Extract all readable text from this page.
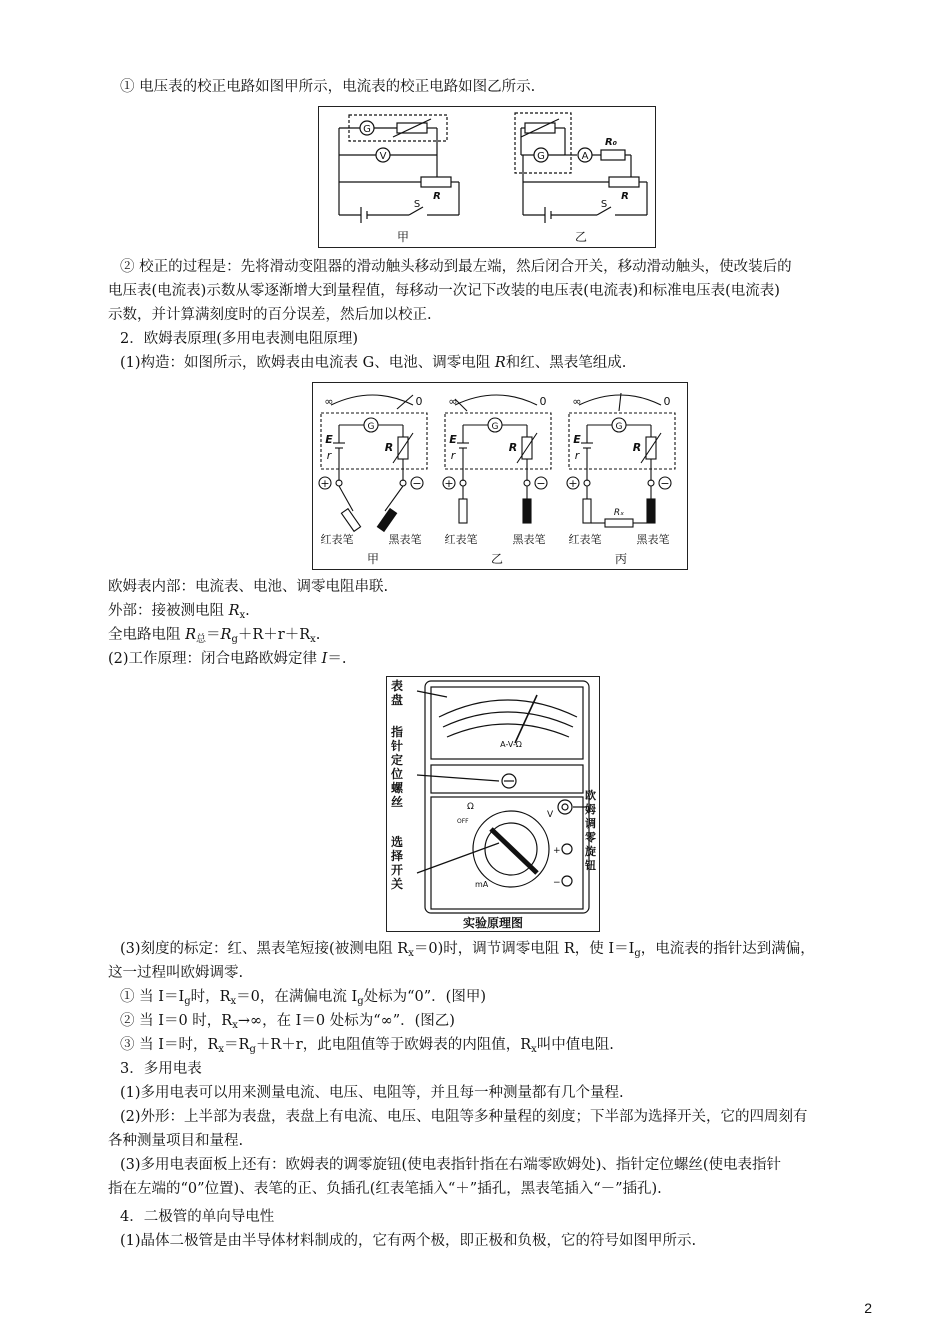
① 电压表的校正电路如图甲所示，电流表的校正电路如图乙所示.
G
V
R
S
G	A
R₀
R
S
甲	乙
② 校正的过程是：先将滑动变阻器的滑动触头移动到最左端，然后闭合开关，移动滑动触头，使改装后的
电压表(电流表)示数从零逐渐增大到量程值，每移动一次记下改装的电压表(电流表)和标准电压表(电流表)
示数，并计算满刻度时的百分误差，然后加以校正.
2．欧姆表原理(多用电表测电阻原理)
(1)构造：如图所示，欧姆表由电流表 G、电池、调零电阻 R和红、黑表笔组成.
∞	0 ∞	0 ∞	0
G	G	G
E
r
R
E
r
R
E
r
R
+	− +	− +	−
Rₓ
红表笔	黑表笔 红表笔	黑表笔 红表笔	黑表笔
甲	乙	丙
欧姆表内部：电流表、电池、调零电阻串联.
外部：接被测电阻 $R_x$.
全电路电阻 $R_总=R_g+R+r+R_x$.
(2)工作原理：闭合电路欧姆定律 I＝.
A-V-Ω
Ω
V
mA
OFF
+
−
实验原理图
表盘
指针定位螺丝
选择开关
欧姆调零旋钮
(3)刻度的标定：红、黑表笔短接(被测电阻 $R_x=0$)时，调节调零电阻 R，使 $I=I_g$，电流表的指针达到满偏，
这一过程叫欧姆调零.
① 当 $I=I_g$时，$R_x=0$，在满偏电流 $I_g$处标为“0”．(图甲)
② 当 I＝0 时，$R_x\to\infty$，在 I＝0 处标为“∞”．(图乙)
③ 当 I＝时，$R_x=R_g+R+r$，此电阻值等于欧姆表的内阻值，$R_x$叫中值电阻.
3．多用电表
(1)多用电表可以用来测量电流、电压、电阻等，并且每一种测量都有几个量程.
(2)外形：上半部为表盘，表盘上有电流、电压、电阻等多种量程的刻度；下半部为选择开关，它的四周刻有
各种测量项目和量程.
(3)多用电表面板上还有：欧姆表的调零旋钮(使电表指针指在右端零欧姆处)、指针定位螺丝(使电表指针
指在左端的“0”位置)、表笔的正、负插孔(红表笔插入“＋”插孔，黑表笔插入“－”插孔).
4．二极管的单向导电性
(1)晶体二极管是由半导体材料制成的，它有两个极，即正极和负极，它的符号如图甲所示.
2
